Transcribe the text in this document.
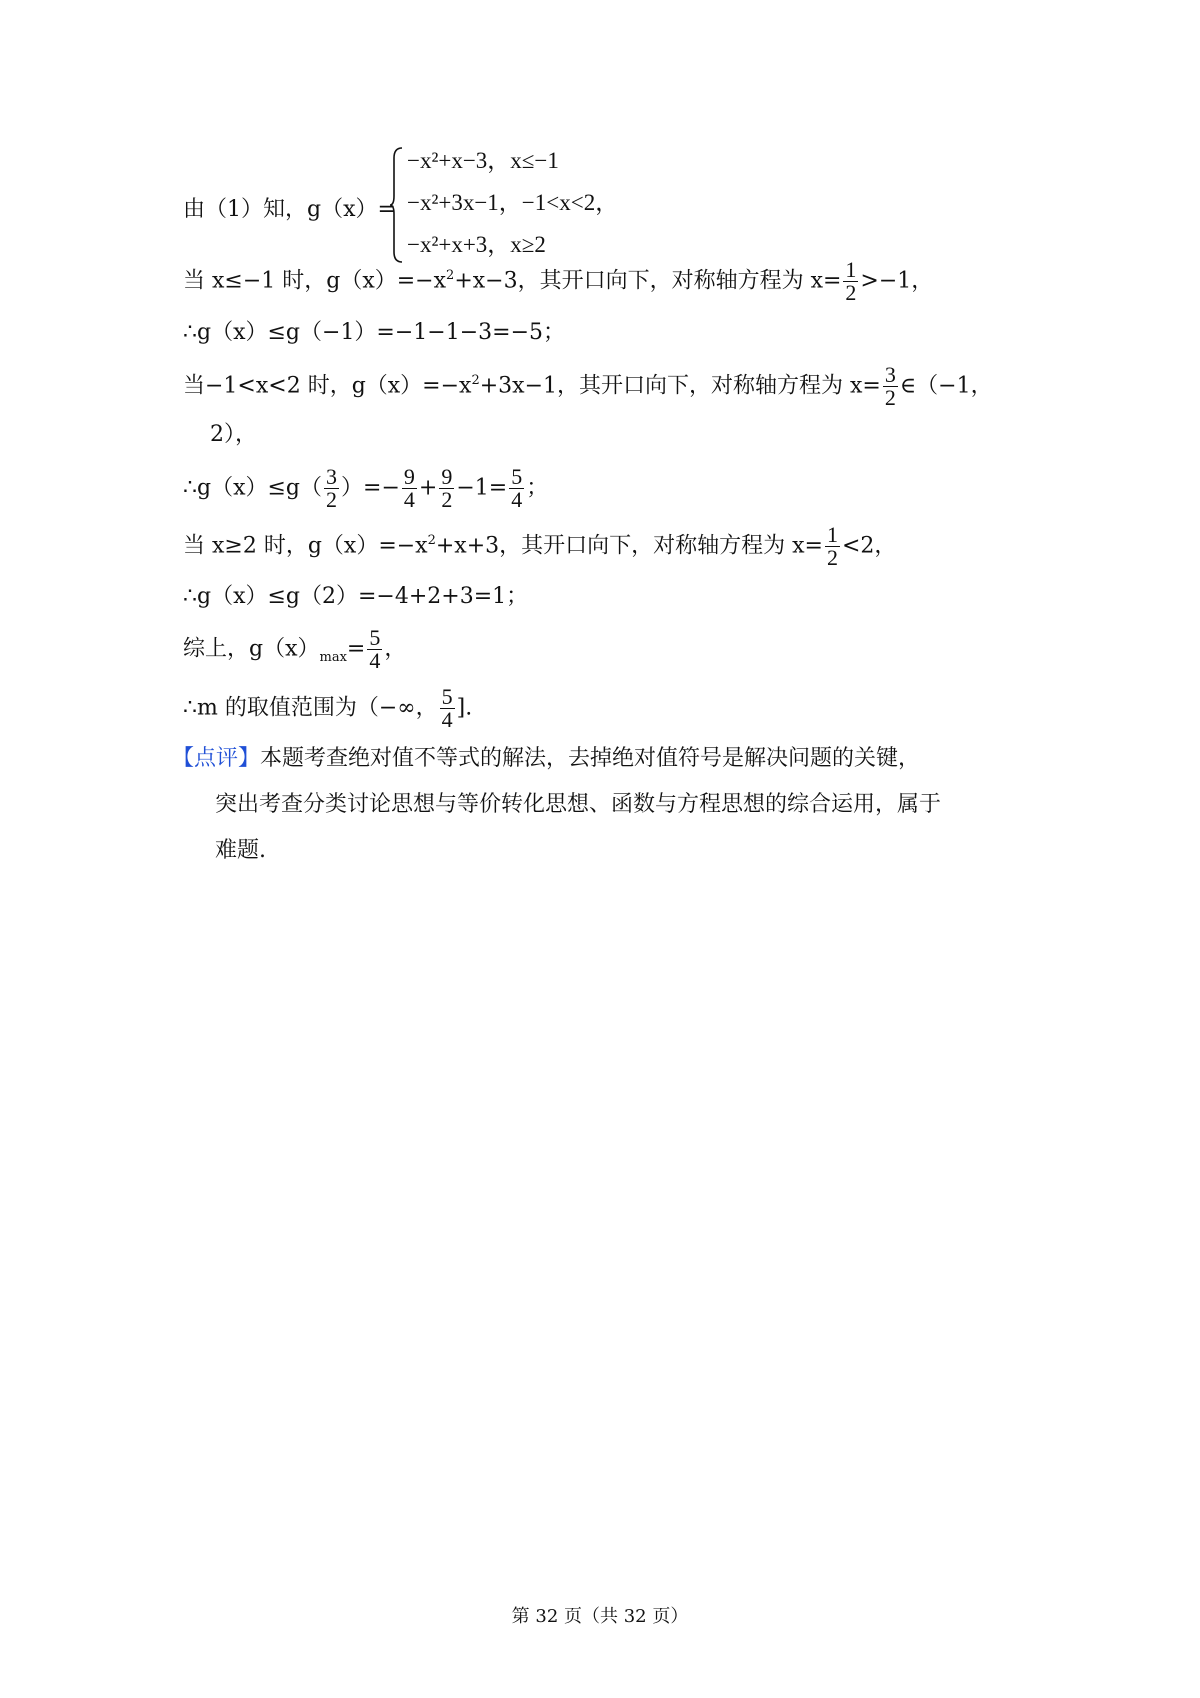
由（1）知，g（x）=
−x²+x−3，x≤−1
−x²+3x−1，−1<x<2，
−x²+x+3，x≥2
当 x≤−1 时，$g(x)=-x^2+x-3$，其开口向下，对称轴方程为 $x= \frac{1}{2} >-1$，
∴g（x）≤g（−1）=−1−1−3=−5；
当−1<x<2 时，$g(x)=-x^2+3x-1$，其开口向下，对称轴方程为 $x= \frac{3}{2}$ ∈（−1，
2），
∴g（x）≤g（ $\frac{3}{2}$ ）=− $\frac{9}{4} + \frac{9}{2} -1= \frac{5}{4}$ ；
当 x≥2 时，$g(x)=-x^2+x+3$，其开口向下，对称轴方程为 $x= \frac{1}{2} <2$，
∴g（x）≤g（2）=−4+2+3=1；
综上，$g(x)_{max}= \frac{5}{4}$ ，
∴m 的取值范围为（−∞， $\frac{5}{4}$ ].
【点评】本题考查绝对值不等式的解法，去掉绝对值符号是解决问题的关键，
突出考查分类讨论思想与等价转化思想、函数与方程思想的综合运用，属于
难题.
第 32 页（共 32 页）
